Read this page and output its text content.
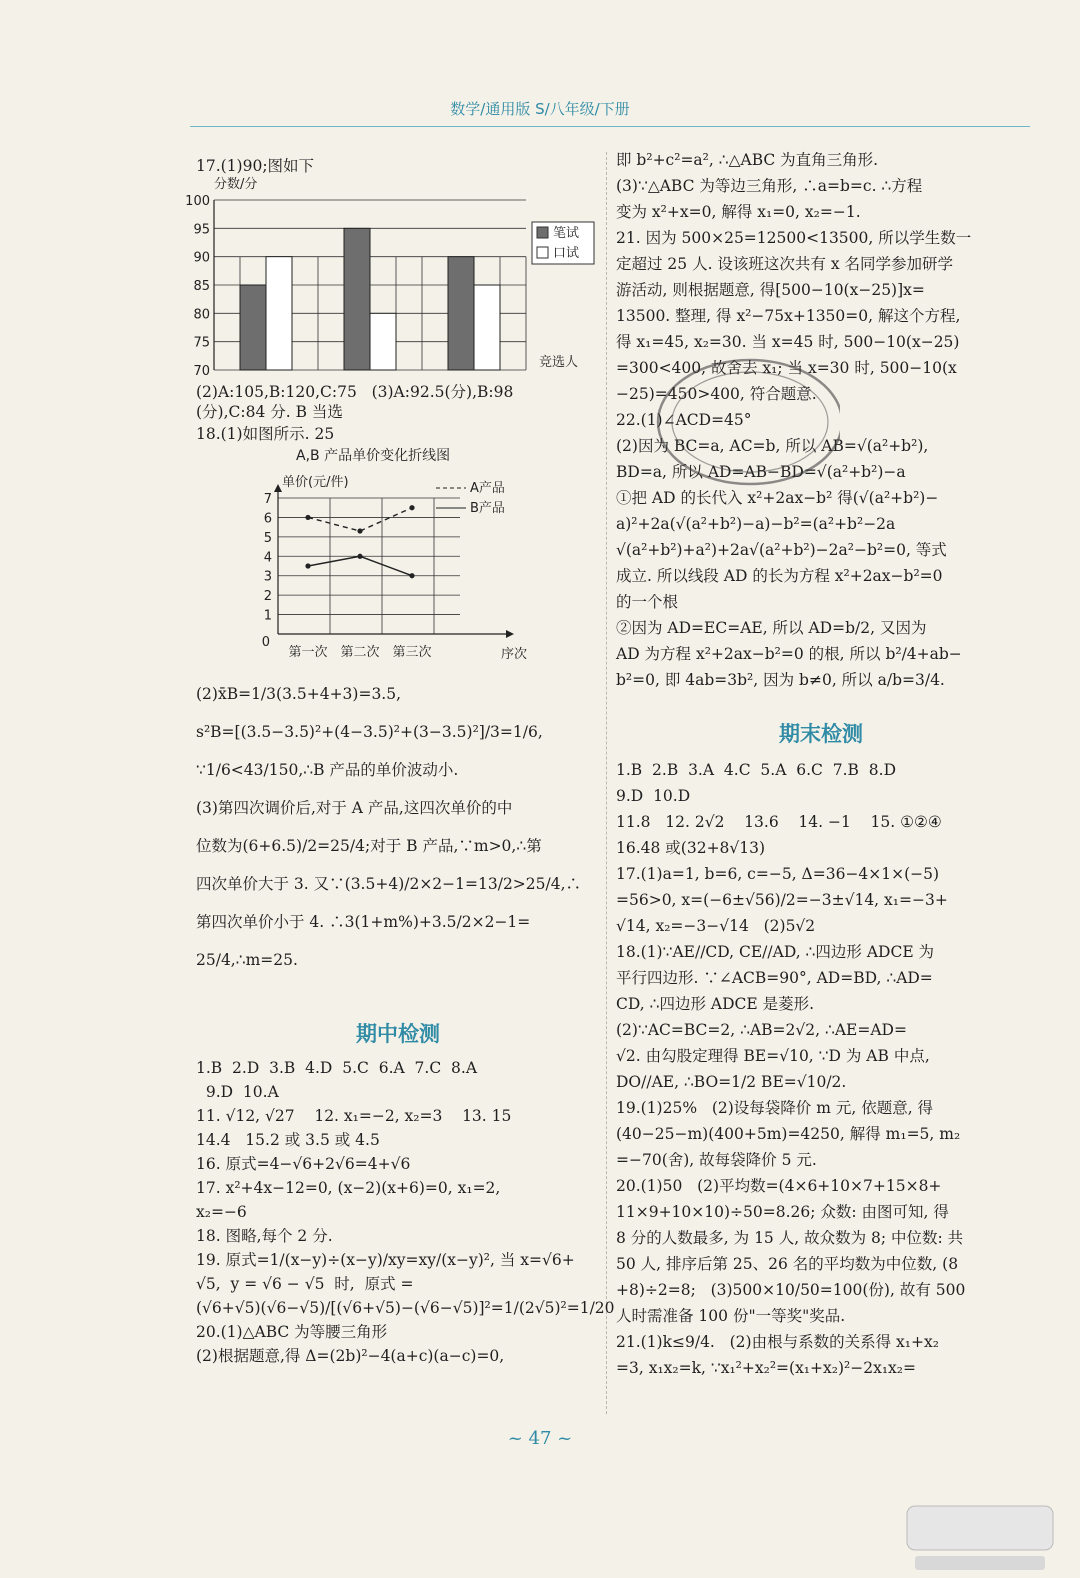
数学/通用版 S/八年级/下册
17.(1)90;图如下
70
75
80
85
90
95
100
分数/分
竞选人
笔试
口试
(2)A:105,B:120,C:75   (3)A:92.5(分),B:98
(分),C:84 分. B 当选
18.(1)如图所示. 25
A,B 产品单价变化折线图
单价(元/件)
0
1
2
3
4
5
6
7
第一次 第二次 第三次	序次
A产品
B产品
(2)x̄B=1/3(3.5+4+3)=3.5,
s²B=[(3.5−3.5)²+(4−3.5)²+(3−3.5)²]/3=1/6,
∵1/6<43/150,∴B 产品的单价波动小.
(3)第四次调价后,对于 A 产品,这四次单价的中
位数为(6+6.5)/2=25/4;对于 B 产品,∵m>0,∴第
四次单价大于 3. 又∵(3.5+4)/2×2−1=13/2>25/4,∴
第四次单价小于 4. ∴3(1+m%)+3.5/2×2−1=
25/4,∴m=25.
期中检测
1.B  2.D  3.B  4.D  5.C  6.A  7.C  8.A
9.D  10.A
11. √12, √27    12. x₁=−2, x₂=3    13. 15
14.4   15.2 或 3.5 或 4.5
16. 原式=4−√6+2√6=4+√6
17. x²+4x−12=0, (x−2)(x+6)=0, x₁=2,
x₂=−6
18. 图略,每个 2 分.
19. 原式=1/(x−y)÷(x−y)/xy=xy/(x−y)², 当 x=√6+
√5,  y = √6 − √5  时,  原式 =
(√6+√5)(√6−√5)/[(√6+√5)−(√6−√5)]²=1/(2√5)²=1/20
20.(1)△ABC 为等腰三角形
(2)根据题意,得 Δ=(2b)²−4(a+c)(a−c)=0,
即 b²+c²=a², ∴△ABC 为直角三角形.
(3)∵△ABC 为等边三角形, ∴a=b=c. ∴方程
变为 x²+x=0, 解得 x₁=0, x₂=−1.
21. 因为 500×25=12500<13500, 所以学生数一
定超过 25 人. 设该班这次共有 x 名同学参加研学
游活动, 则根据题意, 得[500−10(x−25)]x=
13500. 整理, 得 x²−75x+1350=0, 解这个方程,
得 x₁=45, x₂=30. 当 x=45 时, 500−10(x−25)
=300<400, 故舍去 x₁; 当 x=30 时, 500−10(x
−25)=450>400, 符合题意.
22.(1)∠ACD=45°
(2)因为 BC=a, AC=b, 所以 AB=√(a²+b²),
BD=a, 所以 AD=AB−BD=√(a²+b²)−a
①把 AD 的长代入 x²+2ax−b² 得(√(a²+b²)−
a)²+2a(√(a²+b²)−a)−b²=(a²+b²−2a
√(a²+b²)+a²)+2a√(a²+b²)−2a²−b²=0, 等式
成立. 所以线段 AD 的长为方程 x²+2ax−b²=0
的一个根
②因为 AD=EC=AE, 所以 AD=b/2, 又因为
AD 为方程 x²+2ax−b²=0 的根, 所以 b²/4+ab−
b²=0, 即 4ab=3b², 因为 b≠0, 所以 a/b=3/4.
期末检测
1.B  2.B  3.A  4.C  5.A  6.C  7.B  8.D
9.D  10.D
11.8   12. 2√2    13.6    14. −1    15. ①②④
16.48 或(32+8√13)
17.(1)a=1, b=6, c=−5, Δ=36−4×1×(−5)
=56>0, x=(−6±√56)/2=−3±√14, x₁=−3+
√14, x₂=−3−√14   (2)5√2
18.(1)∵AE//CD, CE//AD, ∴四边形 ADCE 为
平行四边形. ∵∠ACB=90°, AD=BD, ∴AD=
CD, ∴四边形 ADCE 是菱形.
(2)∵AC=BC=2, ∴AB=2√2, ∴AE=AD=
√2. 由勾股定理得 BE=√10, ∵D 为 AB 中点,
DO//AE, ∴BO=1/2 BE=√10/2.
19.(1)25%   (2)设每袋降价 m 元, 依题意, 得
(40−25−m)(400+5m)=4250, 解得 m₁=5, m₂
=−70(舍), 故每袋降价 5 元.
20.(1)50   (2)平均数=(4×6+10×7+15×8+
11×9+10×10)÷50=8.26; 众数: 由图可知, 得
8 分的人数最多, 为 15 人, 故众数为 8; 中位数: 共
50 人, 排序后第 25、26 名的平均数为中位数, (8
+8)÷2=8;   (3)500×10/50=100(份), 故有 500
人时需准备 100 份"一等奖"奖品.
21.(1)k≤9/4.   (2)由根与系数的关系得 x₁+x₂
=3, x₁x₂=k, ∵x₁²+x₂²=(x₁+x₂)²−2x₁x₂=
~ 47 ~
